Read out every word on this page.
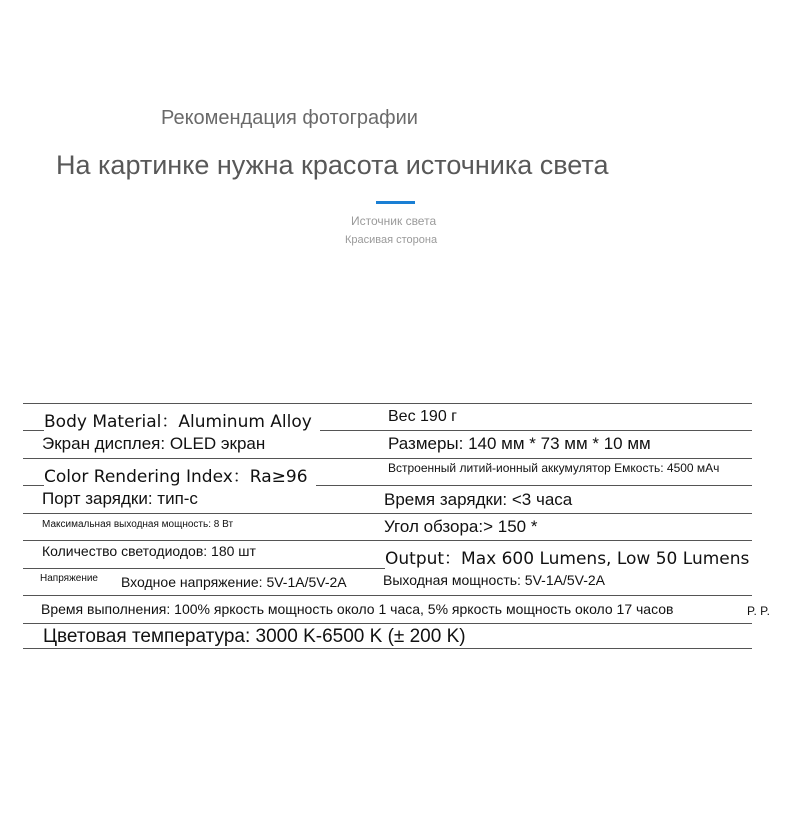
Рекомендация фотографии
На картинке нужна красота источника света
Источник света
Красивая сторона
Body Material：Aluminum Alloy	Вес 190 г
Экран дисплея: OLED экран	Размеры: 140 мм * 73 мм * 10 мм
Color Rendering Index：Ra≥96	Встроенный литий-ионный аккумулятор Емкость: 4500 мАч
Порт зарядки: тип-с	Время зарядки: <3 часа
Максимальная выходная мощность: 8 Вт	Угол обзора:> 150 *
Количество светодиодов: 180 шт	Output：Max 600 Lumens, Low 50 Lumens
Напряжение	Входное напряжение: 5V-1A/5V-2A	Выходная мощность: 5V-1A/5V-2A
Время выполнения: 100% яркость мощность около 1 часа, 5% яркость мощность около 17 часов	P. P.
Цветовая температура: 3000 K-6500 K (± 200 K)
